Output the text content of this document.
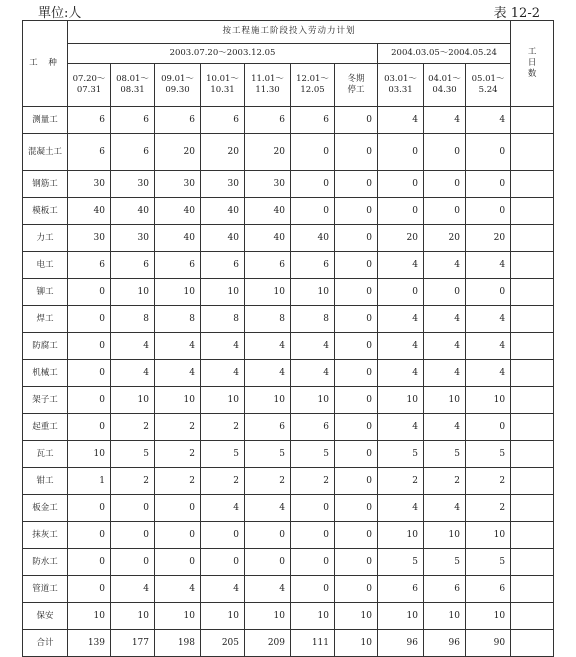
單位:人	表 12-2
工 种	按工程施工阶段投入劳动力计划										工
日
数
	2003.07.20～2003.12.05							2004.03.05～2004.05.24			

	07.20～
07.31	08.01～
08.31	09.01～
09.30	10.01～
10.31	11.01～
11.30	12.01～
12.05	冬期
停工	03.01～
03.31	04.01～
04.30	05.01～
5.24	

测量工	6	6	6	6	6	6	0	4	4	4	
混凝土工	6	6	20	20	20	0	0	0	0	0	
钢筋工	30	30	30	30	30	0	0	0	0	0	
模板工	40	40	40	40	40	0	0	0	0	0	
力工	30	30	40	40	40	40	0	20	20	20	
电工	6	6	6	6	6	6	0	4	4	4	
铆工	0	10	10	10	10	10	0	0	0	0	
焊工	0	8	8	8	8	8	0	4	4	4	
防腐工	0	4	4	4	4	4	0	4	4	4	
机械工	0	4	4	4	4	4	0	4	4	4	
架子工	0	10	10	10	10	10	0	10	10	10	
起重工	0	2	2	2	6	6	0	4	4	0	
瓦工	10	5	2	5	5	5	0	5	5	5	
钳工	1	2	2	2	2	2	0	2	2	2	
板金工	0	0	0	4	4	0	0	4	4	2	
抹灰工	0	0	0	0	0	0	0	10	10	10	
防水工	0	0	0	0	0	0	0	5	5	5	
管道工	0	4	4	4	4	0	0	6	6	6	
保安	10	10	10	10	10	10	10	10	10	10	
合计	139	177	198	205	209	111	10	96	96	90	
